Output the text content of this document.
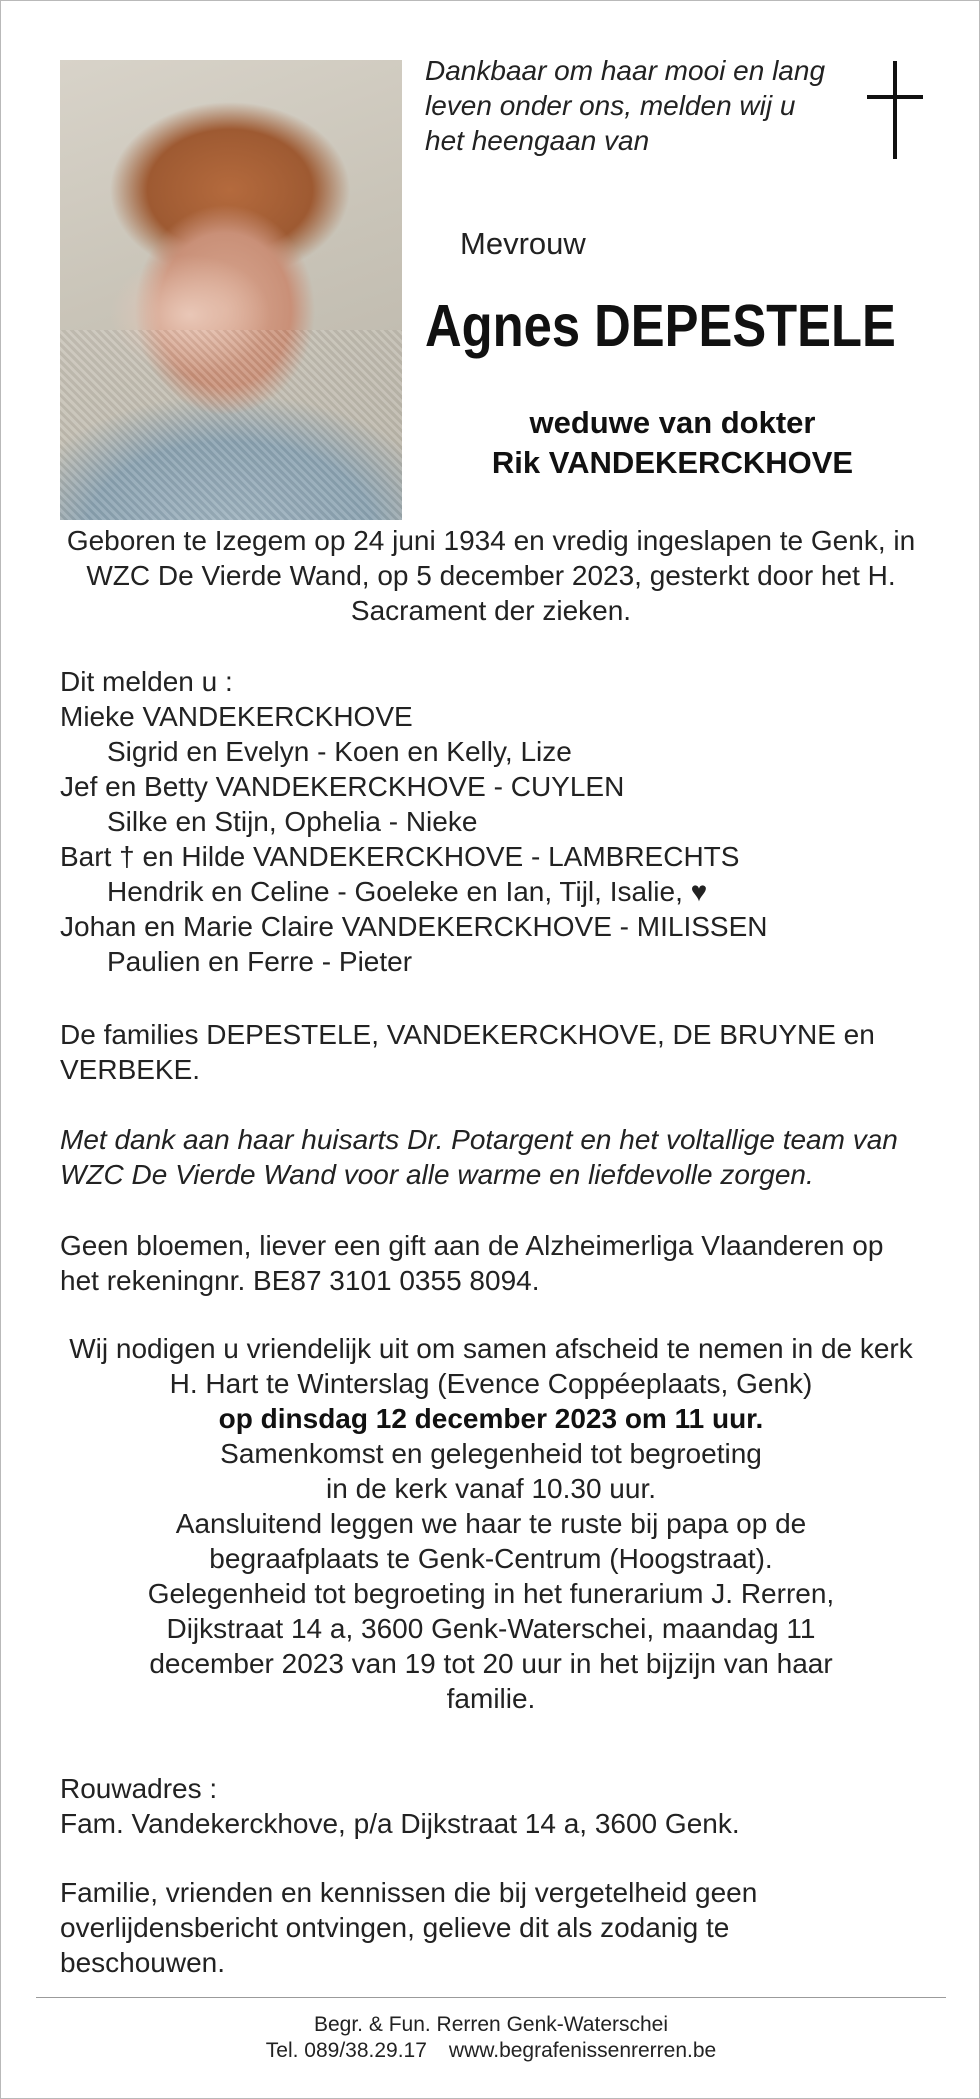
Dankbaar om haar mooi en lang leven onder ons, melden wij u het heengaan van
Mevrouw
Agnes DEPESTELE
weduwe van dokter
Rik VANDEKERCKHOVE
Geboren te Izegem op 24 juni 1934 en vredig ingeslapen te Genk, in WZC De Vierde Wand, op 5 december 2023, gesterkt door het H. Sacrament der zieken.
Dit melden u :
Mieke VANDEKERCKHOVE
Sigrid en Evelyn - Koen en Kelly, Lize
Jef en Betty VANDEKERCKHOVE - CUYLEN
Silke en Stijn, Ophelia - Nieke
Bart † en Hilde VANDEKERCKHOVE - LAMBRECHTS
Hendrik en Celine - Goeleke en Ian, Tijl, Isalie, ♥
Johan en Marie Claire VANDEKERCKHOVE - MILISSEN
Paulien en Ferre - Pieter
De families DEPESTELE, VANDEKERCKHOVE, DE BRUYNE en VERBEKE.
Met dank aan haar huisarts Dr. Potargent en het voltallige team van WZC De Vierde Wand voor alle warme en liefdevolle zorgen.
Geen bloemen, liever een gift aan de Alzheimerliga Vlaanderen op het rekeningnr. BE87 3101 0355 8094.
Wij nodigen u vriendelijk uit om samen afscheid te nemen in de kerk H. Hart te Winterslag (Evence Coppéeplaats, Genk)
op dinsdag 12 december 2023 om 11 uur.
Samenkomst en gelegenheid tot begroeting in de kerk vanaf 10.30 uur.
Aansluitend leggen we haar te ruste bij papa op de begraafplaats te Genk-Centrum (Hoogstraat).
Gelegenheid tot begroeting in het funerarium J. Rerren, Dijkstraat 14 a, 3600 Genk-Waterschei, maandag 11 december 2023 van 19 tot 20 uur in het bijzijn van haar familie.
Rouwadres :
Fam. Vandekerckhove, p/a Dijkstraat 14 a, 3600 Genk.
Familie, vrienden en kennissen die bij vergetelheid geen overlijdensbericht ontvingen, gelieve dit als zodanig te beschouwen.
Begr. & Fun. Rerren Genk-Waterschei
Tel. 089/38.29.17 www.begrafenissenrerren.be
